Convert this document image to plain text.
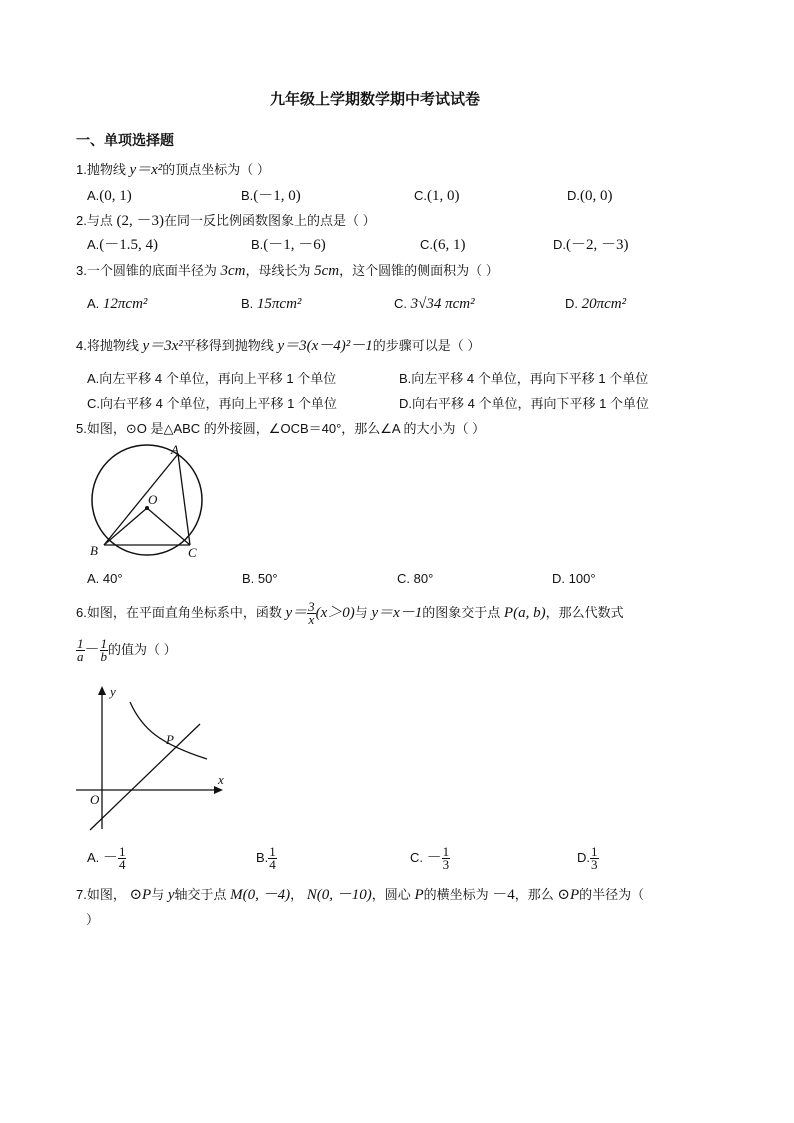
九年级上学期数学期中考试试卷
一、单项选择题
1.抛物线 y＝x²的顶点坐标为（ ）
A.(0, 1)	B.(－1, 0)	C.(1, 0)	D.(0, 0)
2.与点 (2, －3)在同一反比例函数图象上的点是（ ）
A.(－1.5, 4)	B.(－1, －6)	C.(6, 1)	D.(－2, －3)
3.一个圆锥的底面半径为 3cm，母线长为 5cm，这个圆锥的侧面积为（ ）
A. 12πcm²	B. 15πcm²	C. 3√34 πcm²	D. 20πcm²
4.将抛物线 y＝3x²平移得到抛物线 y＝3(x－4)²－1的步骤可以是（ ）
A.向左平移 4 个单位，再向上平移 1 个单位	B.向左平移 4 个单位，再向下平移 1 个单位
C.向右平移 4 个单位，再向上平移 1 个单位	D.向右平移 4 个单位，再向下平移 1 个单位
5.如图，⊙O 是△ABC 的外接圆，∠OCB＝40°，那么∠A 的大小为（ ）
A
O
B	C
A. 40°	B. 50°	C. 80°	D. 100°
6.如图，在平面直角坐标系中，函数 $y= \frac{3}{x} (x>0)$与 y＝x－1的图象交于点 P(a, b)，那么代数式
$\frac{1}{a} - \frac{1}{b}$ 的值为（ ）
y
x
O
P
A. － $\frac{1}{4}$	B. $\frac{1}{4}$	C. － $\frac{1}{3}$	D. $\frac{1}{3}$
7.如图， ⊙P与 y轴交于点 M(0, －4)， N(0, －10)，圆心 P的横坐标为 －4，那么 ⊙P的半径为（
）
